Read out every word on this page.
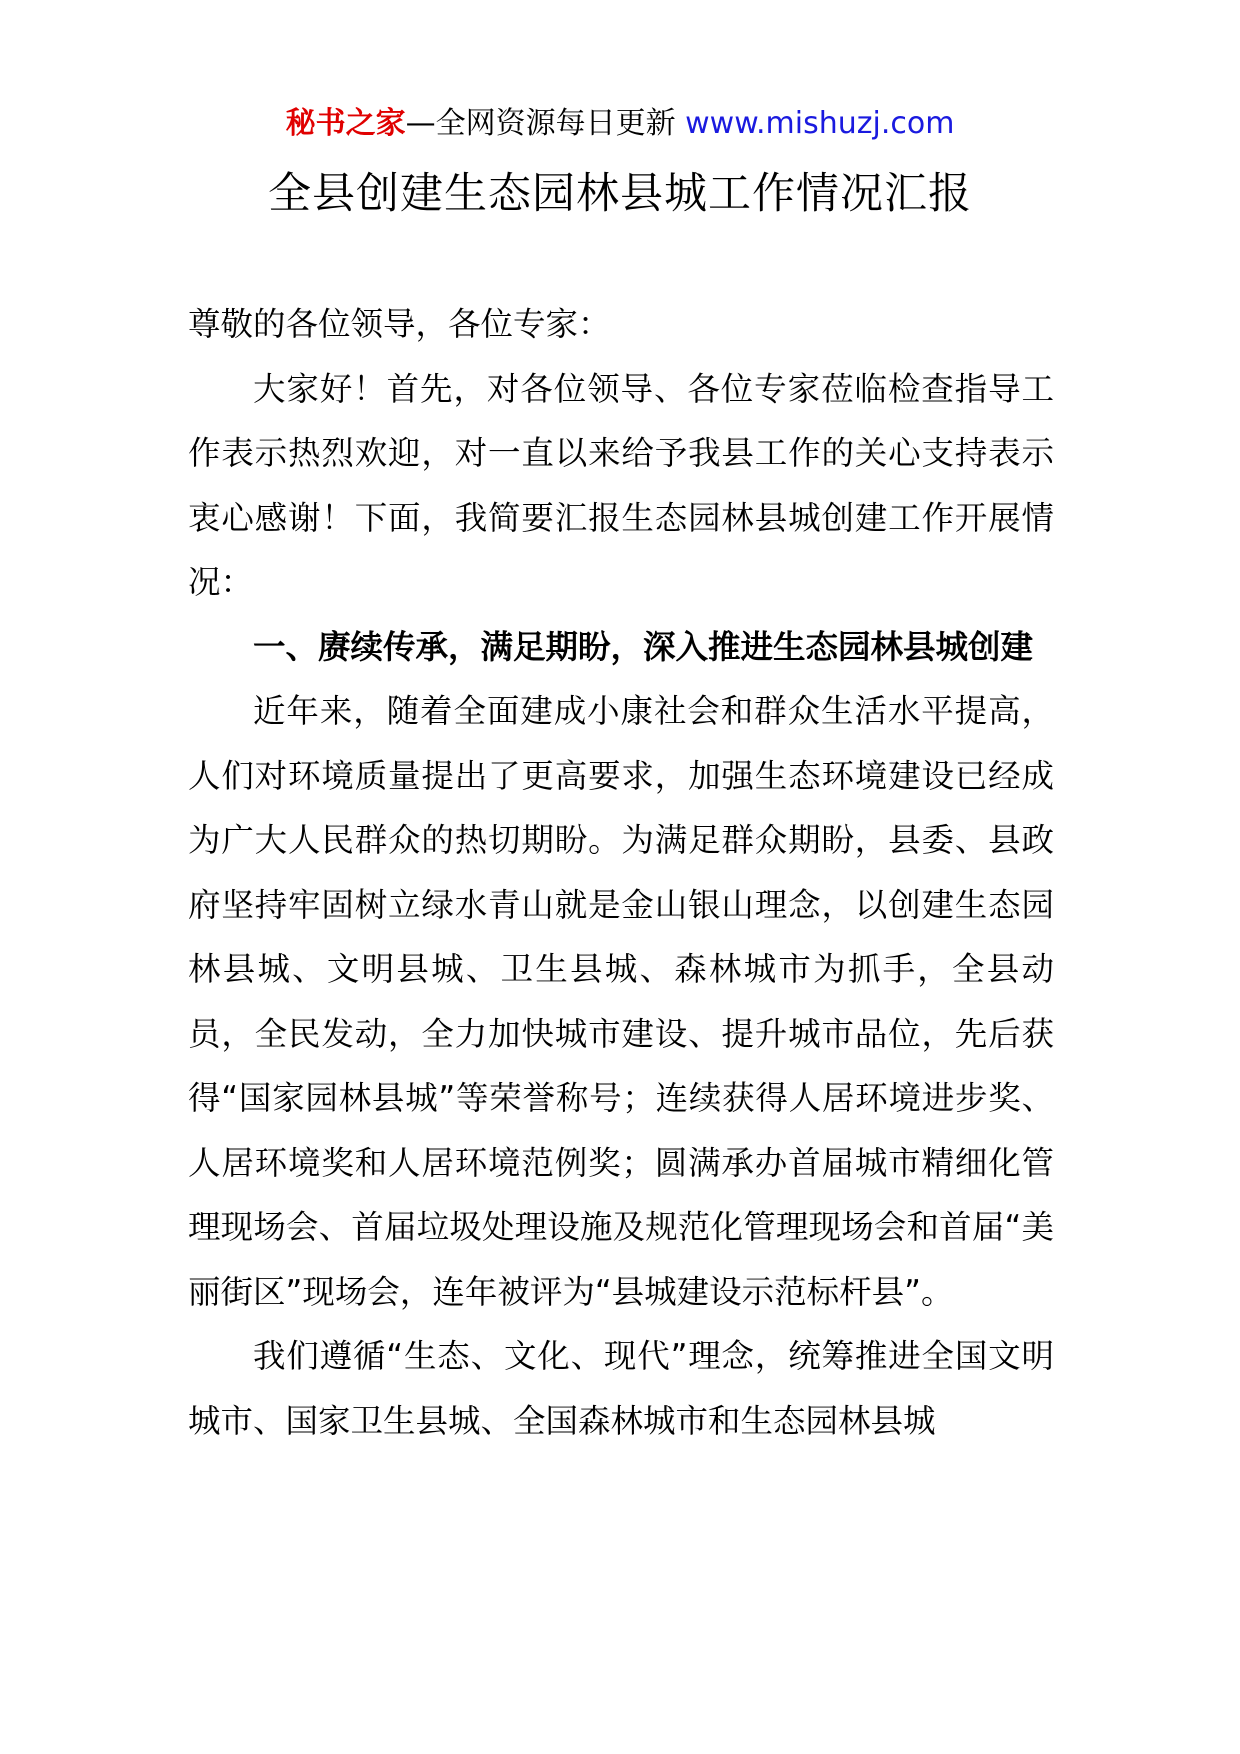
秘书之家—全网资源每日更新 www.mishuzj.com
全县创建生态园林县城工作情况汇报

尊敬的各位领导，各位专家：

大家好！首先，对各位领导、各位专家莅临检查指导工作表示热烈欢迎，对一直以来给予我县工作的关心支持表示衷心感谢！下面，我简要汇报生态园林县城创建工作开展情况：

一、赓续传承，满足期盼，深入推进生态园林县城创建

近年来，随着全面建成小康社会和群众生活水平提高，人们对环境质量提出了更高要求，加强生态环境建设已经成为广大人民群众的热切期盼。为满足群众期盼，县委、县政府坚持牢固树立绿水青山就是金山银山理念，以创建生态园林县城、文明县城、卫生县城、森林城市为抓手，全县动员，全民发动，全力加快城市建设、提升城市品位，先后获得“国家园林县城”等荣誉称号；连续获得人居环境进步奖、人居环境奖和人居环境范例奖；圆满承办首届城市精细化管理现场会、首届垃圾处理设施及规范化管理现场会和首届“美丽街区”现场会，连年被评为“县城建设示范标杆县”。

我们遵循“生态、文化、现代”理念，统筹推进全国文明城市、国家卫生县城、全国森林城市和生态园林县城
